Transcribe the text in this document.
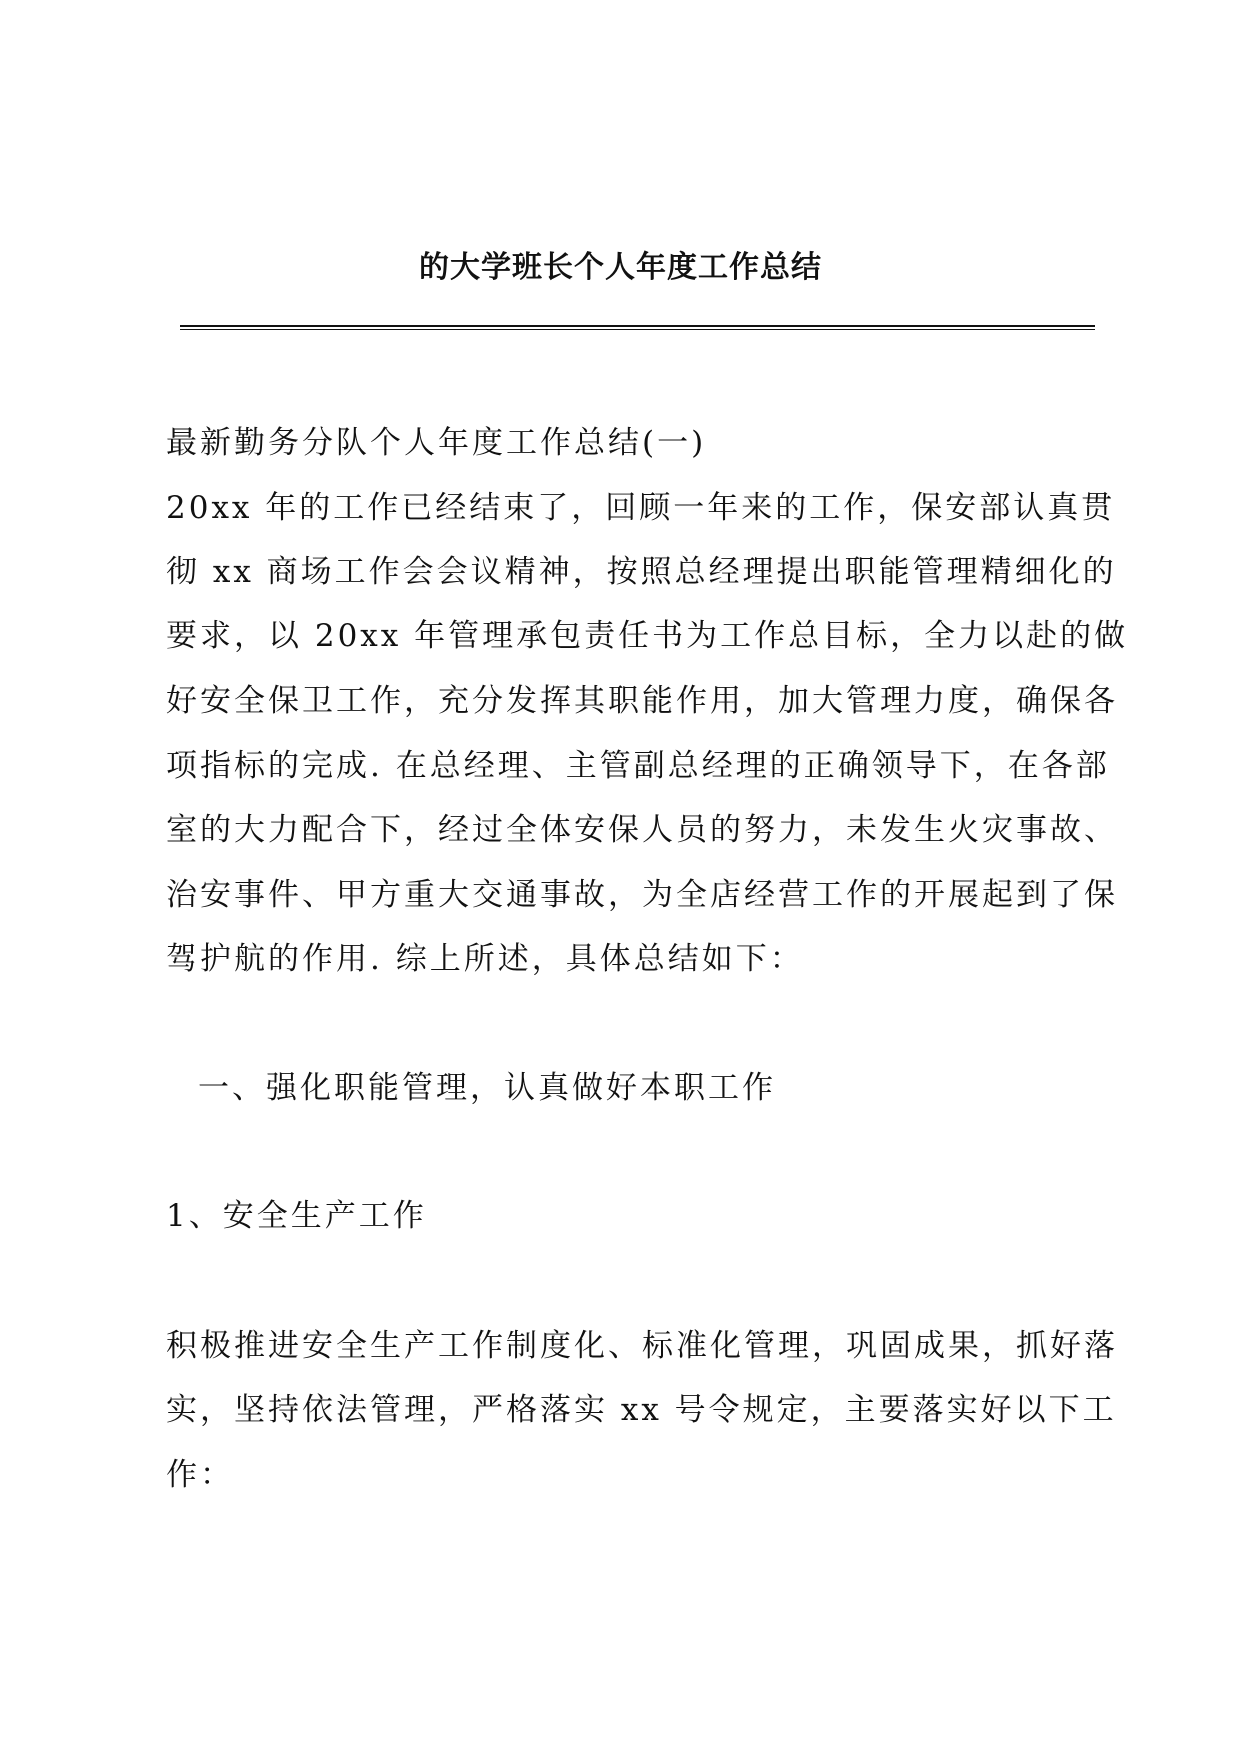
的大学班长个人年度工作总结
最新勤务分队个人年度工作总结(一)
20xx 年的工作已经结束了，回顾一年来的工作，保安部认真贯
彻 xx 商场工作会会议精神，按照总经理提出职能管理精细化的
要求，以 20xx 年管理承包责任书为工作总目标，全力以赴的做
好安全保卫工作，充分发挥其职能作用，加大管理力度，确保各
项指标的完成. 在总经理、主管副总经理的正确领导下，在各部
室的大力配合下，经过全体安保人员的努力，未发生火灾事故、
治安事件、甲方重大交通事故，为全店经营工作的开展起到了保
驾护航的作用. 综上所述，具体总结如下：
一、强化职能管理，认真做好本职工作
1、安全生产工作
积极推进安全生产工作制度化、标准化管理，巩固成果，抓好落
实，坚持依法管理，严格落实 xx 号令规定，主要落实好以下工
作：
